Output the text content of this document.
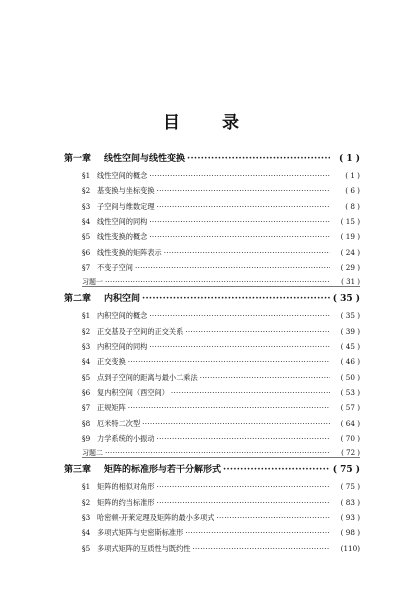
目 录
第一章	线性空间与线性变换 ·····	( 1 )
§1 线性空间的概念 ·····	( 1 )
§2 基变换与坐标变换 ·····	( 6 )
§3 子空间与维数定理 ·····	( 8 )
§4 线性空间的同构 ·····	( 15 )
§5 线性变换的概念 ·····	( 19 )
§6 线性变换的矩阵表示 ·····	( 24 )
§7 不变子空间 ·····	( 29 )
习题一 ·····	( 31 )
第二章	内积空间 ·····	( 35 )
§1 内积空间的概念 ·····	( 35 )
§2 正交基及子空间的正交关系 ·····	( 39 )
§3 内积空间的同构 ·····	( 45 )
§4 正交变换 ·····	( 46 )
§5 点到子空间的距离与最小二乘法 ·····	( 50 )
§6 复内积空间（酉空间） ·····	( 53 )
§7 正规矩阵 ·····	( 57 )
§8 厄米特二次型 ·····	( 64 )
§9 力学系统的小振动 ·····	( 70 )
习题二 ·····	( 72 )
第三章	矩阵的标准形与若干分解形式 ·····	( 75 )
§1 矩阵的相似对角形 ·····	( 75 )
§2 矩阵的约当标准形 ·····	( 83 )
§3 哈密顿-开莱定理及矩阵的最小多项式 ·····	( 93 )
§4 多项式矩阵与史密斯标准形 ·····	( 98 )
§5 多项式矩阵的互质性与既约性 ·····	(110)
